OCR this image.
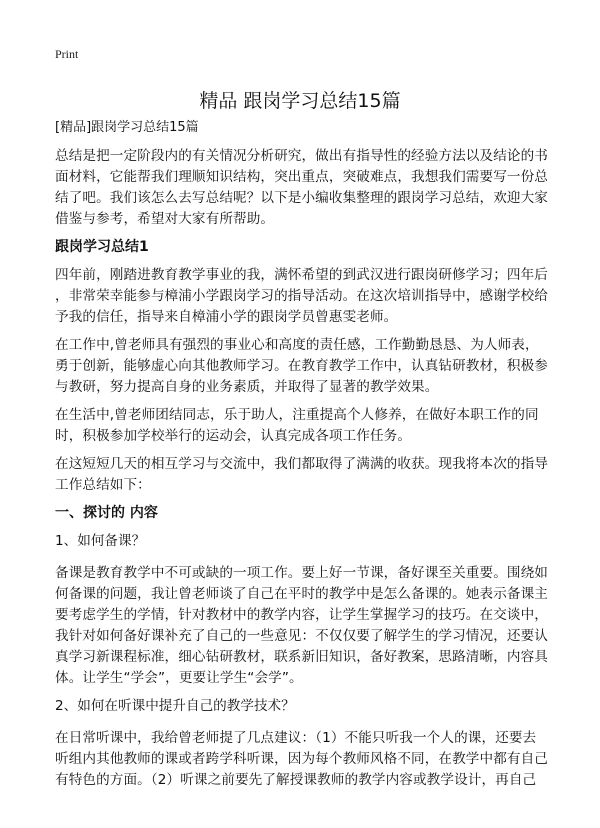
Print
精品 跟岗学习总结15篇
[精品]跟岗学习总结15篇
总结是把一定阶段内的有关情况分析研究，做出有指导性的经验方法以及结论的书
面材料，它能帮我们理顺知识结构，突出重点，突破难点，我想我们需要写一份总
结了吧。我们该怎么去写总结呢？以下是小编收集整理的跟岗学习总结，欢迎大家
借鉴与参考，希望对大家有所帮助。
跟岗学习总结1
四年前，刚踏进教育教学事业的我，满怀希望的到武汉进行跟岗研修学习；四年后
，非常荣幸能参与樟浦小学跟岗学习的指导活动。在这次培训指导中，感谢学校给
予我的信任，指导来自樟浦小学的跟岗学员曾惠雯老师。
在工作中,曾老师具有强烈的事业心和高度的责任感，工作勤勤恳恳、为人师表，
勇于创新，能够虚心向其他教师学习。在教育教学工作中，认真钻研教材，积极参
与教研，努力提高自身的业务素质，并取得了显著的教学效果。
在生活中,曾老师团结同志，乐于助人，注重提高个人修养，在做好本职工作的同
时，积极参加学校举行的运动会，认真完成各项工作任务。
在这短短几天的相互学习与交流中，我们都取得了满满的收获。现我将本次的指导
工作总结如下：
一、探讨的 内容
1、如何备课？
备课是教育教学中不可或缺的一项工作。要上好一节课，备好课至关重要。围绕如
何备课的问题，我让曾老师谈了自己在平时的教学中是怎么备课的。她表示备课主
要考虑学生的学情，针对教材中的教学内容，让学生掌握学习的技巧。在交谈中，
我针对如何备好课补充了自己的一些意见：不仅仅要了解学生的学习情况，还要认
真学习新课程标准，细心钻研教材，联系新旧知识，备好教案，思路清晰，内容具
体。让学生“学会”，更要让学生“会学”。
2、如何在听课中提升自己的教学技术？
在日常听课中，我给曾老师提了几点建议：（1）不能只听我一个人的课，还要去
听组内其他教师的课或者跨学科听课，因为每个教师风格不同，在教学中都有自己
有特色的方面。（2）听课之前要先了解授课教师的教学内容或教学设计，再自己
